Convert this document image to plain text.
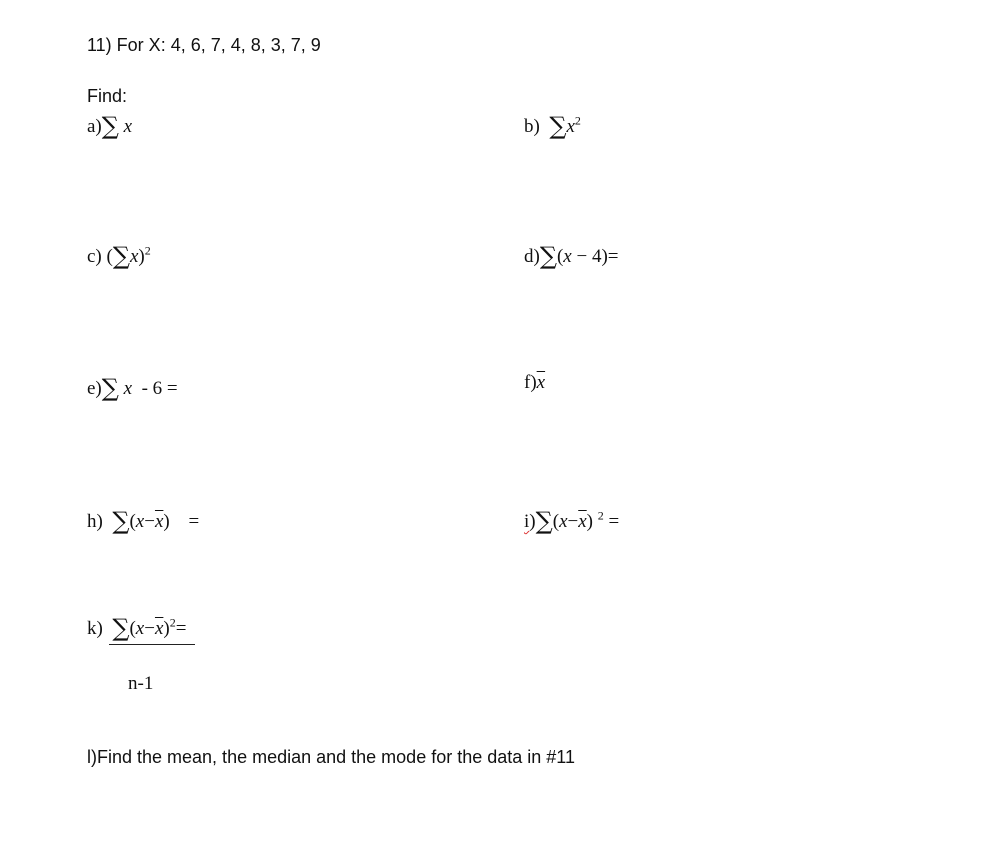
11) For X: 4, 6, 7, 4, 8, 3, 7, 9
Find:
a)∑ x	b) $\sum x^2$
c) $(\sum x)^2$	d)∑(x − 4)=
e)∑ x - 6 =	$f)\overline{x}$
h) $\sum(x-\overline{x})$ =	$i)\sum(x-\overline{x})$ $^2$ =
k) $\sum(x-\overline{x})^2=$
n-1
l)Find the mean, the median and the mode for the data in #11
